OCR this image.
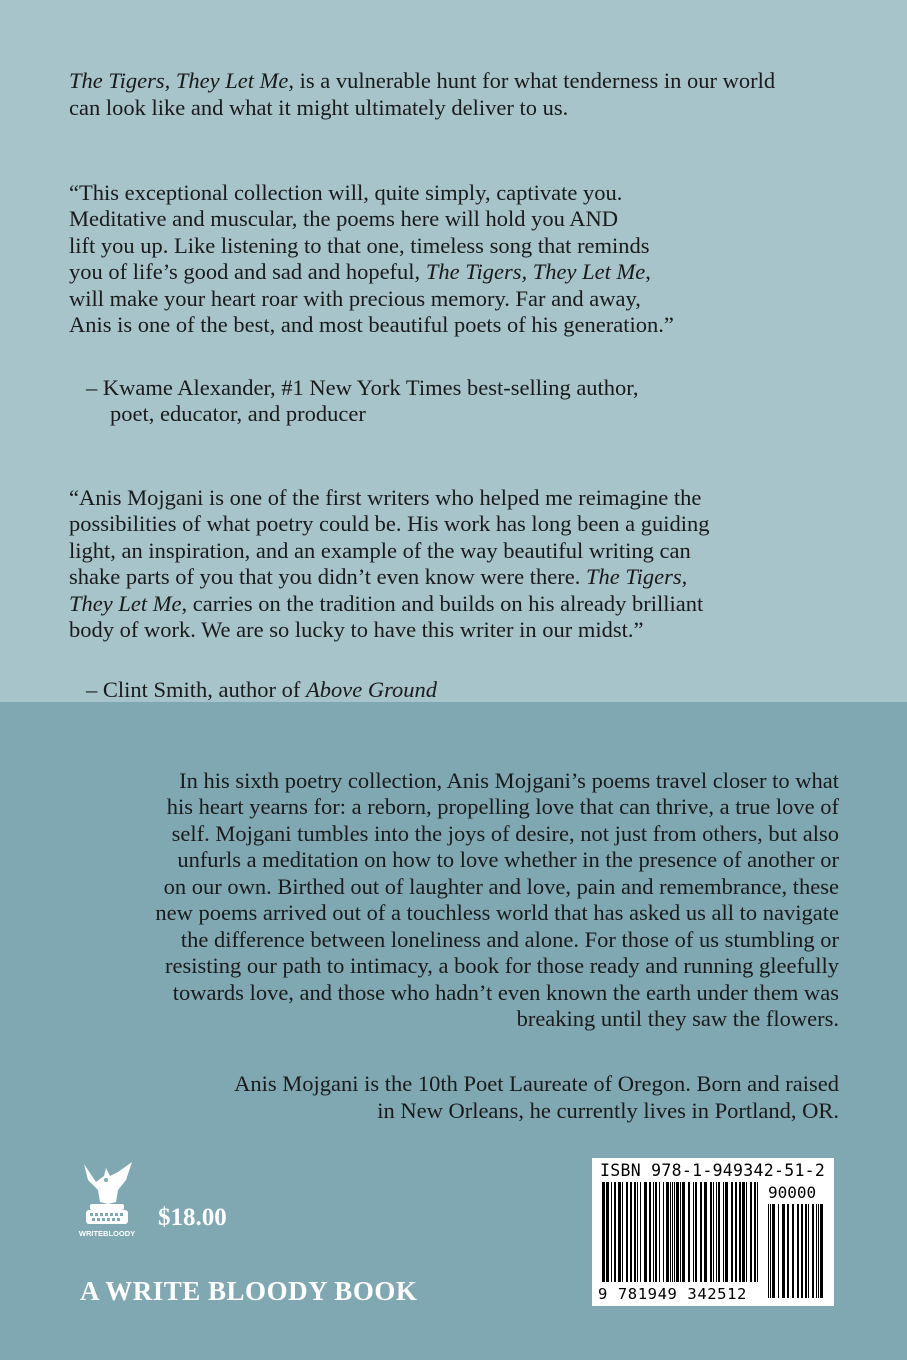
The Tigers, They Let Me, is a vulnerable hunt for what tenderness in our world
can look like and what it might ultimately deliver to us.
“This exceptional collection will, quite simply, captivate you.
Meditative and muscular, the poems here will hold you AND
lift you up. Like listening to that one, timeless song that reminds
you of life’s good and sad and hopeful, The Tigers, They Let Me,
will make your heart roar with precious memory. Far and away,
Anis is one of the best, and most beautiful poets of his generation.”
– Kwame Alexander, #1 New York Times best-selling author,
poet, educator, and producer
“Anis Mojgani is one of the first writers who helped me reimagine the
possibilities of what poetry could be. His work has long been a guiding
light, an inspiration, and an example of the way beautiful writing can
shake parts of you that you didn’t even know were there. The Tigers,
They Let Me, carries on the tradition and builds on his already brilliant
body of work. We are so lucky to have this writer in our midst.”
– Clint Smith, author of Above Ground
In his sixth poetry collection, Anis Mojgani’s poems travel closer to what
his heart yearns for: a reborn, propelling love that can thrive, a true love of
self. Mojgani tumbles into the joys of desire, not just from others, but also
unfurls a meditation on how to love whether in the presence of another or
on our own. Birthed out of laughter and love, pain and remembrance, these
new poems arrived out of a touchless world that has asked us all to navigate
the difference between loneliness and alone. For those of us stumbling or
resisting our path to intimacy, a book for those ready and running gleefully
towards love, and those who hadn’t even known the earth under them was
breaking until they saw the flowers.
Anis Mojgani is the 10th Poet Laureate of Oregon. Born and raised
in New Orleans, he currently lives in Portland, OR.
WRITEBLOODY
$18.00
A WRITE BLOODY BOOK
ISBN 978-1-949342-51-2
90000
9 781949 342512
